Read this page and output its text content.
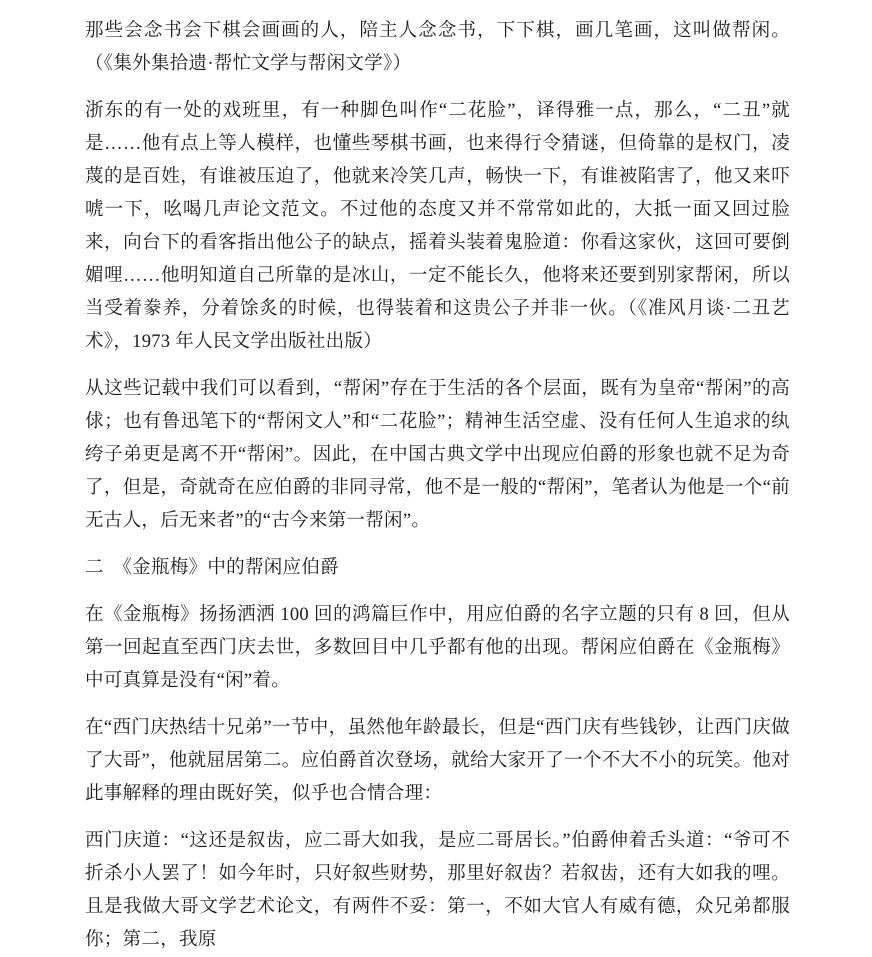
那些会念书会下棋会画画的人，陪主人念念书，下下棋，画几笔画，这叫做帮闲。（《集外集拾遗·帮忙文学与帮闲文学》）

浙东的有一处的戏班里，有一种脚色叫作“二花脸”，译得雅一点，那么，“二丑”就是……他有点上等人模样，也懂些琴棋书画，也来得行令猜谜，但倚靠的是权门，凌蔑的是百姓，有谁被压迫了，他就来冷笑几声，畅快一下，有谁被陷害了，他又来吓唬一下，吆喝几声论文范文。不过他的态度又并不常常如此的，大抵一面又回过脸来，向台下的看客指出他公子的缺点，摇着头装着鬼脸道：你看这家伙，这回可要倒媚哩……他明知道自己所靠的是冰山，一定不能长久，他将来还要到别家帮闲，所以当受着豢养，分着馀炙的时候，也得装着和这贵公子并非一伙。（《准风月谈·二丑艺术》，1973 年人民文学出版社出版）

从这些记载中我们可以看到，“帮闲”存在于生活的各个层面，既有为皇帝“帮闲”的高俅；也有鲁迅笔下的“帮闲文人”和“二花脸”；精神生活空虚、没有任何人生追求的纨绔子弟更是离不开“帮闲”。因此，在中国古典文学中出现应伯爵的形象也就不足为奇了，但是，奇就奇在应伯爵的非同寻常，他不是一般的“帮闲”，笔者认为他是一个“前无古人，后无来者”的“古今来第一帮闲”。

二　《金瓶梅》中的帮闲应伯爵

在《金瓶梅》扬扬洒洒 100 回的鸿篇巨作中，用应伯爵的名字立题的只有 8 回，但从第一回起直至西门庆去世，多数回目中几乎都有他的出现。帮闲应伯爵在《金瓶梅》中可真算是没有“闲”着。

在“西门庆热结十兄弟”一节中，虽然他年龄最长，但是“西门庆有些钱钞，让西门庆做了大哥”，他就屈居第二。应伯爵首次登场，就给大家开了一个不大不小的玩笑。他对此事解释的理由既好笑，似乎也合情合理：

西门庆道：“这还是叙齿，应二哥大如我，是应二哥居长。”伯爵伸着舌头道：“爷可不折杀小人罢了！如今年时，只好叙些财势，那里好叙齿？若叙齿，还有大如我的哩。且是我做大哥文学艺术论文，有两件不妥：第一，不如大官人有威有德，众兄弟都服你；第二，我原
